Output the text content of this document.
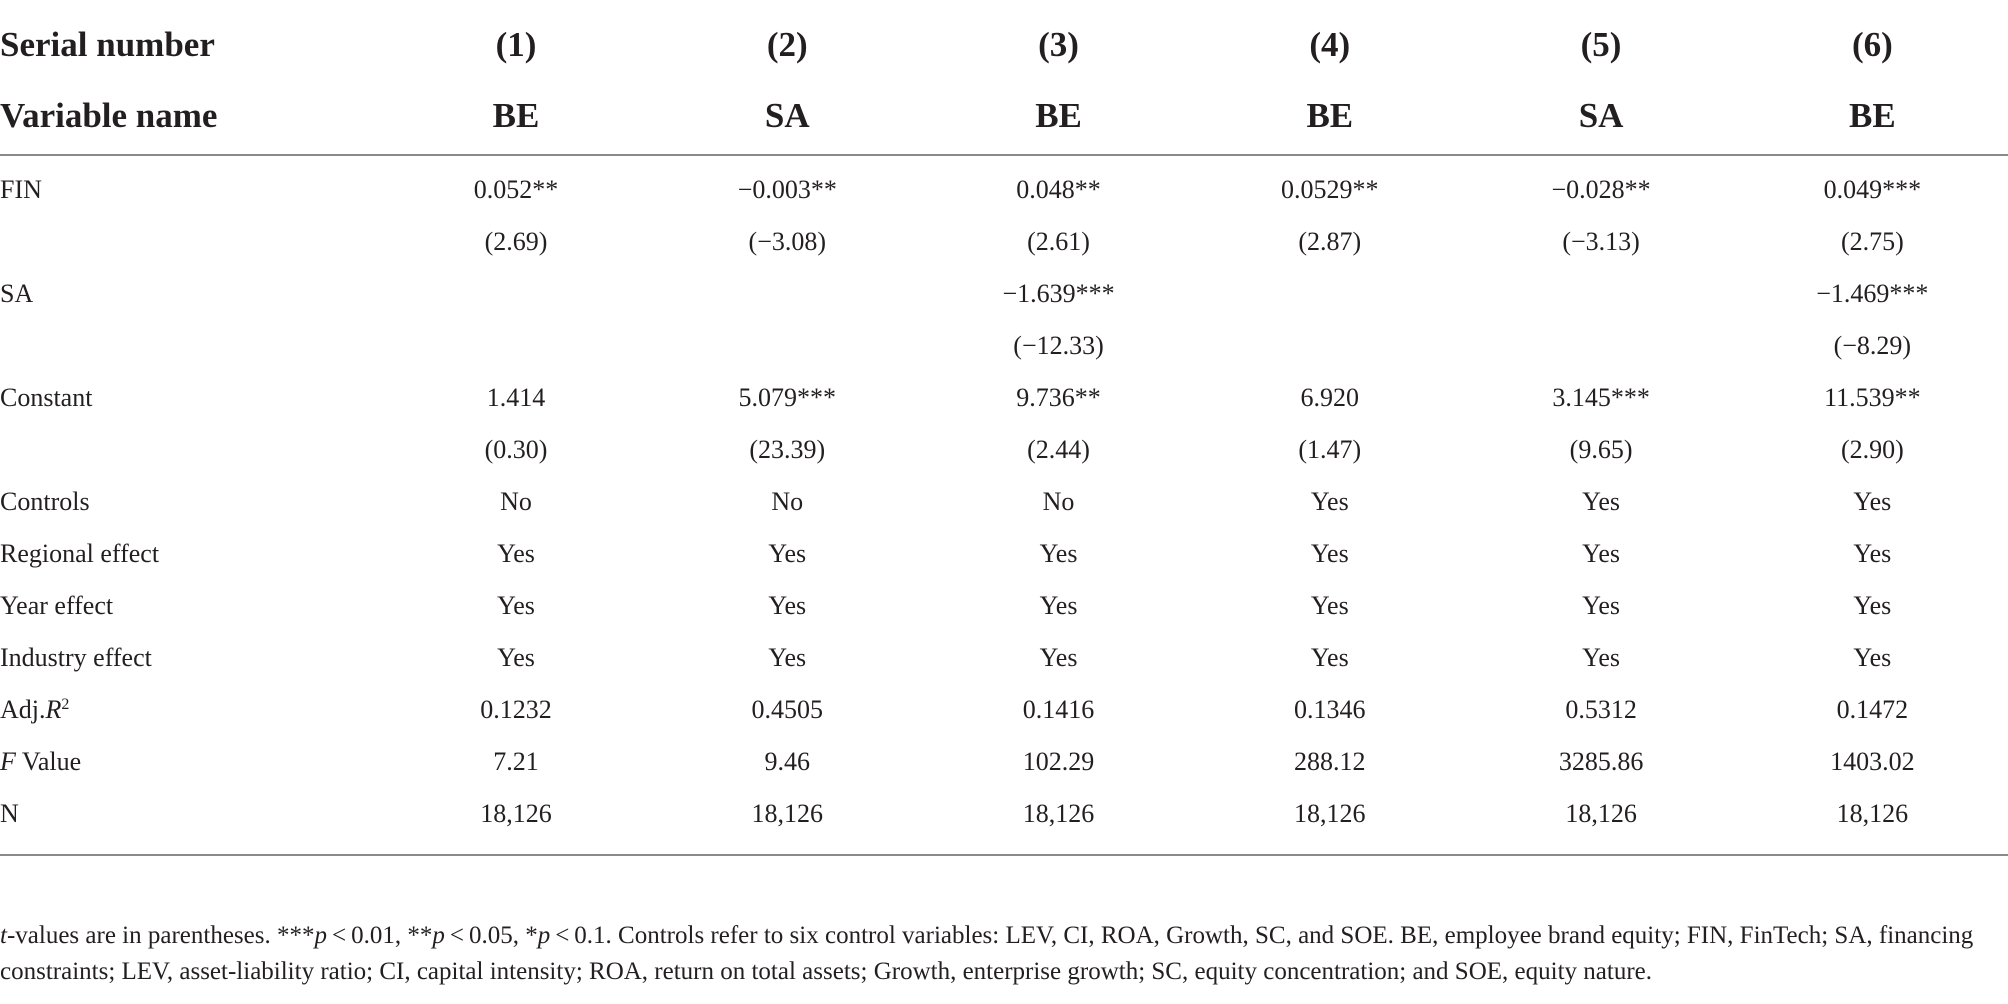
Serial number	(1)	(2)	(3)	(4)	(5)	(6)
Variable name	BE	SA	BE	BE	SA	BE
FIN	0.052**	−0.003**	0.048**	0.0529**	−0.028**	0.049***
	(2.69)	(−3.08)	(2.61)	(2.87)	(−3.13)	(2.75)
SA			−1.639***			−1.469***
			(−12.33)			(−8.29)
Constant	1.414	5.079***	9.736**	6.920	3.145***	11.539**
	(0.30)	(23.39)	(2.44)	(1.47)	(9.65)	(2.90)
Controls	No	No	No	Yes	Yes	Yes
Regional effect	Yes	Yes	Yes	Yes	Yes	Yes
Year effect	Yes	Yes	Yes	Yes	Yes	Yes
Industry effect	Yes	Yes	Yes	Yes	Yes	Yes
$Adj.R^2$	0.1232	0.4505	0.1416	0.1346	0.5312	0.1472
F Value	7.21	9.46	102.29	288.12	3285.86	1403.02
N	18,126	18,126	18,126	18,126	18,126	18,126

t-values are in parentheses. ***p < 0.01, **p < 0.05, *p < 0.1. Controls refer to six control variables: LEV, CI, ROA, Growth, SC, and SOE. BE, employee brand equity; FIN, FinTech; SA, financing constraints; LEV, asset-liability ratio; CI, capital intensity; ROA, return on total assets; Growth, enterprise growth; SC, equity concentration; and SOE, equity nature.
